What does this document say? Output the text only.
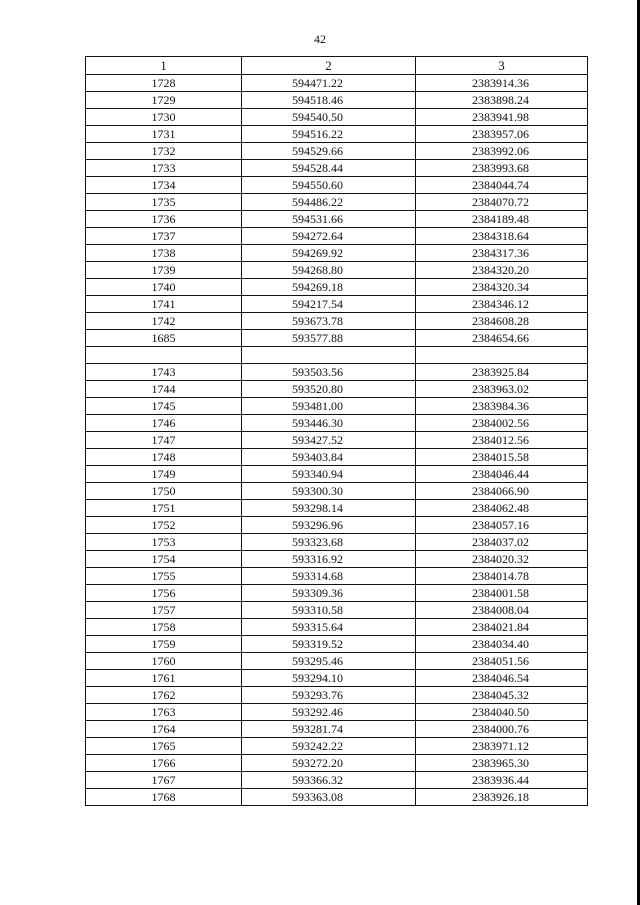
42
1	2	3
1728	594471.22	2383914.36
1729	594518.46	2383898.24
1730	594540.50	2383941.98
1731	594516.22	2383957.06
1732	594529.66	2383992.06
1733	594528.44	2383993.68
1734	594550.60	2384044.74
1735	594486.22	2384070.72
1736	594531.66	2384189.48
1737	594272.64	2384318.64
1738	594269.92	2384317.36
1739	594268.80	2384320.20
1740	594269.18	2384320.34
1741	594217.54	2384346.12
1742	593673.78	2384608.28
1685	593577.88	2384654.66

1743	593503.56	2383925.84
1744	593520.80	2383963.02
1745	593481.00	2383984.36
1746	593446.30	2384002.56
1747	593427.52	2384012.56
1748	593403.84	2384015.58
1749	593340.94	2384046.44
1750	593300.30	2384066.90
1751	593298.14	2384062.48
1752	593296.96	2384057.16
1753	593323.68	2384037.02
1754	593316.92	2384020.32
1755	593314.68	2384014.78
1756	593309.36	2384001.58
1757	593310.58	2384008.04
1758	593315.64	2384021.84
1759	593319.52	2384034.40
1760	593295.46	2384051.56
1761	593294.10	2384046.54
1762	593293.76	2384045.32
1763	593292.46	2384040.50
1764	593281.74	2384000.76
1765	593242.22	2383971.12
1766	593272.20	2383965.30
1767	593366.32	2383936.44
1768	593363.08	2383926.18
